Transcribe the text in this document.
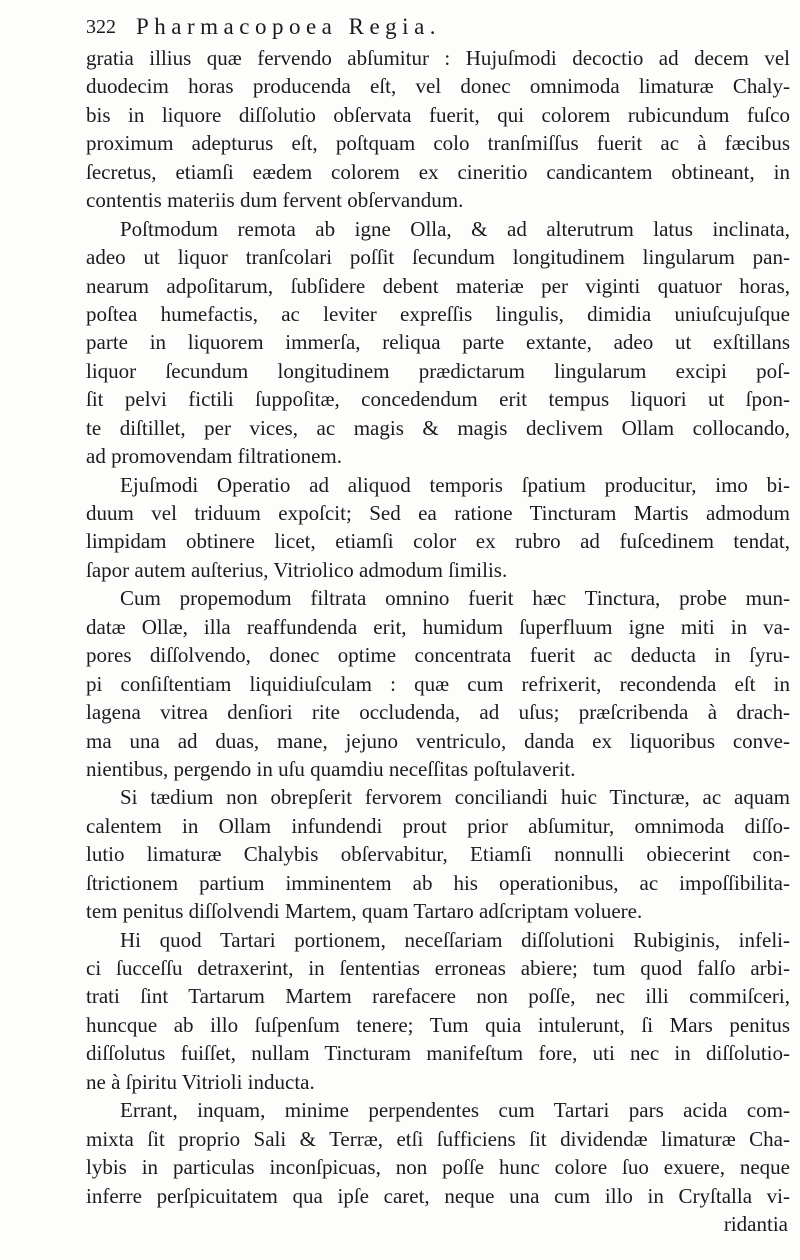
322 Pharmacopoea Regia.
gratia illius quæ fervendo abſumitur : Hujuſmodi decoctio ad decem vel
duodecim horas producenda eſt, vel donec omnimoda limaturæ Chaly-
bis in liquore diſſolutio obſervata fuerit, qui colorem rubicundum fuſco
proximum adepturus eſt, poſtquam colo tranſmiſſus fuerit ac à fæcibus
ſecretus, etiamſi eædem colorem ex cineritio candicantem obtineant, in
contentis materiis dum fervent obſervandum.
Poſtmodum remota ab igne Olla, & ad alterutrum latus inclinata,
adeo ut liquor tranſcolari poſſit ſecundum longitudinem lingularum pan-
nearum adpoſitarum, ſubſidere debent materiæ per viginti quatuor horas,
poſtea humefactis, ac leviter expreſſis lingulis, dimidia uniuſcujuſque
parte in liquorem immerſa, reliqua parte extante, adeo ut exſtillans
liquor ſecundum longitudinem prædictarum lingularum excipi poſ-
ſit pelvi fictili ſuppoſitæ, concedendum erit tempus liquori ut ſpon-
te diſtillet, per vices, ac magis & magis declivem Ollam collocando,
ad promovendam filtrationem.
Ejuſmodi Operatio ad aliquod temporis ſpatium producitur, imo bi-
duum vel triduum expoſcit; Sed ea ratione Tincturam Martis admodum
limpidam obtinere licet, etiamſi color ex rubro ad fuſcedinem tendat,
ſapor autem auſterius, Vitriolico admodum ſimilis.
Cum propemodum filtrata omnino fuerit hæc Tinctura, probe mun-
datæ Ollæ, illa reaffundenda erit, humidum ſuperfluum igne miti in va-
pores diſſolvendo, donec optime concentrata fuerit ac deducta in ſyru-
pi conſiſtentiam liquidiuſculam : quæ cum refrixerit, recondenda eſt in
lagena vitrea denſiori rite occludenda, ad uſus; præſcribenda à drach-
ma una ad duas, mane, jejuno ventriculo, danda ex liquoribus conve-
nientibus, pergendo in uſu quamdiu neceſſitas poſtulaverit.
Si tædium non obrepſerit fervorem conciliandi huic Tincturæ, ac aquam
calentem in Ollam infundendi prout prior abſumitur, omnimoda diſſo-
lutio limaturæ Chalybis obſervabitur, Etiamſi nonnulli obiecerint con-
ſtrictionem partium imminentem ab his operationibus, ac impoſſibilita-
tem penitus diſſolvendi Martem, quam Tartaro adſcriptam voluere.
Hi quod Tartari portionem, neceſſariam diſſolutioni Rubiginis, infeli-
ci ſucceſſu detraxerint, in ſententias erroneas abiere; tum quod falſo arbi-
trati ſint Tartarum Martem rarefacere non poſſe, nec illi commiſceri,
huncque ab illo ſuſpenſum tenere; Tum quia intulerunt, ſi Mars penitus
diſſolutus fuiſſet, nullam Tincturam manifeſtum fore, uti nec in diſſolutio-
ne à ſpiritu Vitrioli inducta.
Errant, inquam, minime perpendentes cum Tartari pars acida com-
mixta ſit proprio Sali & Terræ, etſi ſufficiens ſit dividendæ limaturæ Cha-
lybis in particulas inconſpicuas, non poſſe hunc colore ſuo exuere, neque
inferre perſpicuitatem qua ipſe caret, neque una cum illo in Cryſtalla vi-
ridantia
